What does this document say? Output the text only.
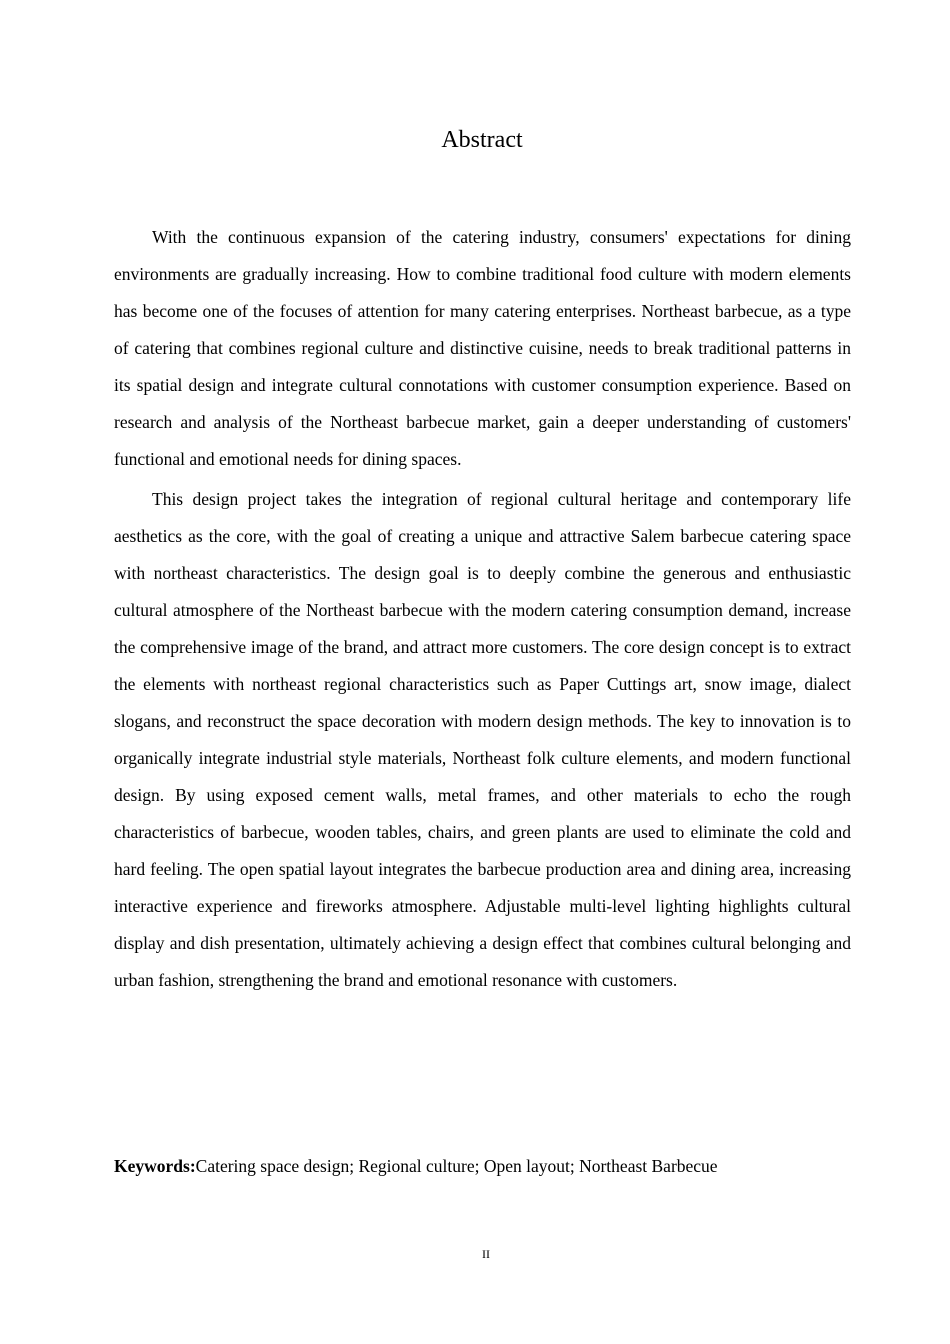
Abstract

With the continuous expansion of the catering industry, consumers' expectations for dining environments are gradually increasing. How to combine traditional food culture with modern elements has become one of the focuses of attention for many catering enterprises. Northeast barbecue, as a type of catering that combines regional culture and distinctive cuisine, needs to break traditional patterns in its spatial design and integrate cultural connotations with customer consumption experience. Based on research and analysis of the Northeast barbecue market, gain a deeper understanding of customers' functional and emotional needs for dining spaces.

This design project takes the integration of regional cultural heritage and contemporary life aesthetics as the core, with the goal of creating a unique and attractive Salem barbecue catering space with northeast characteristics. The design goal is to deeply combine the generous and enthusiastic cultural atmosphere of the Northeast barbecue with the modern catering consumption demand, increase the comprehensive image of the brand, and attract more customers. The core design concept is to extract the elements with northeast regional characteristics such as Paper Cuttings art, snow image, dialect slogans, and reconstruct the space decoration with modern design methods. The key to innovation is to organically integrate industrial style materials, Northeast folk culture elements, and modern functional design. By using exposed cement walls, metal frames, and other materials to echo the rough characteristics of barbecue, wooden tables, chairs, and green plants are used to eliminate the cold and hard feeling. The open spatial layout integrates the barbecue production area and dining area, increasing interactive experience and fireworks atmosphere. Adjustable multi-level lighting highlights cultural display and dish presentation, ultimately achieving a design effect that combines cultural belonging and urban fashion, strengthening the brand and emotional resonance with customers.

Keywords:Catering space design; Regional culture; Open layout; Northeast Barbecue

II
